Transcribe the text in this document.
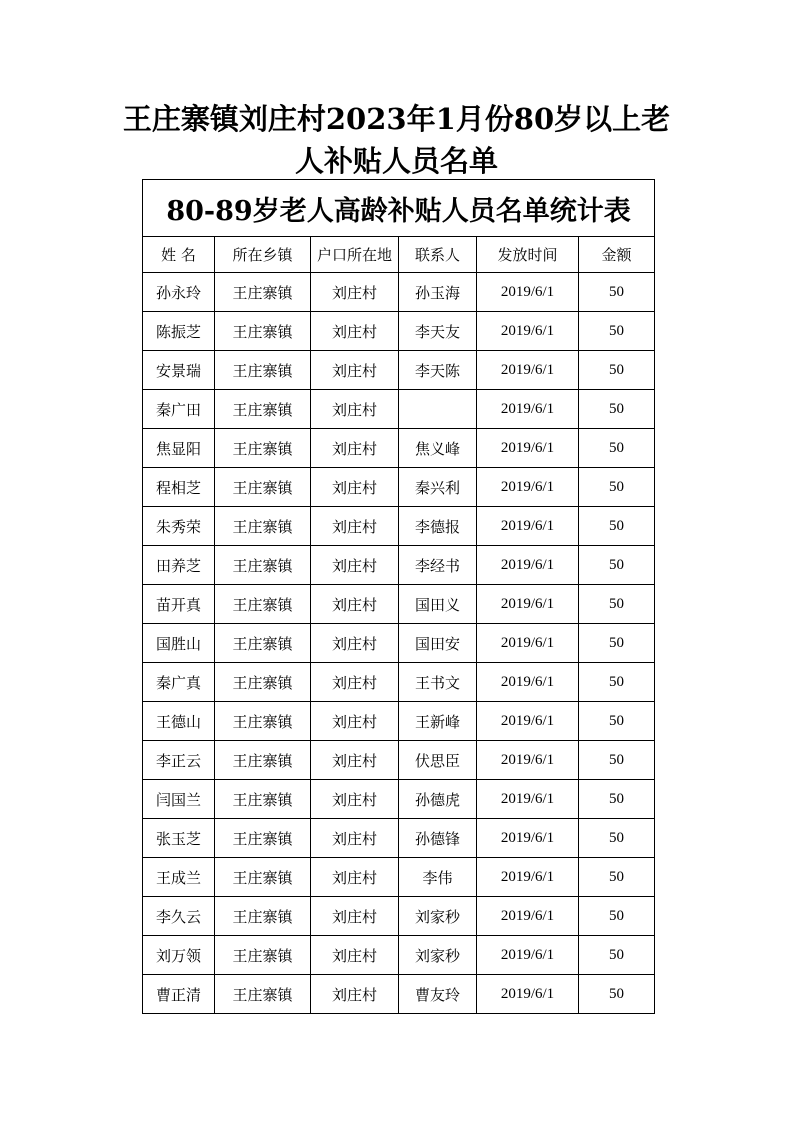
王庄寨镇刘庄村2023年1月份80岁以上老
人补贴人员名单
80-89岁老人高龄补贴人员名单统计表					
姓 名	所在乡镇	户口所在地	联系人	发放时间	金额
孙永玲	王庄寨镇	刘庄村	孙玉海	2019/6/1	50
陈振芝	王庄寨镇	刘庄村	李天友	2019/6/1	50
安景瑞	王庄寨镇	刘庄村	李天陈	2019/6/1	50
秦广田	王庄寨镇	刘庄村		2019/6/1	50
焦显阳	王庄寨镇	刘庄村	焦义峰	2019/6/1	50
程相芝	王庄寨镇	刘庄村	秦兴利	2019/6/1	50
朱秀荣	王庄寨镇	刘庄村	李德报	2019/6/1	50
田养芝	王庄寨镇	刘庄村	李经书	2019/6/1	50
苗开真	王庄寨镇	刘庄村	国田义	2019/6/1	50
国胜山	王庄寨镇	刘庄村	国田安	2019/6/1	50
秦广真	王庄寨镇	刘庄村	王书文	2019/6/1	50
王德山	王庄寨镇	刘庄村	王新峰	2019/6/1	50
李正云	王庄寨镇	刘庄村	伏思臣	2019/6/1	50
闫国兰	王庄寨镇	刘庄村	孙德虎	2019/6/1	50
张玉芝	王庄寨镇	刘庄村	孙德锋	2019/6/1	50
王成兰	王庄寨镇	刘庄村	李伟	2019/6/1	50
李久云	王庄寨镇	刘庄村	刘家秒	2019/6/1	50
刘万领	王庄寨镇	刘庄村	刘家秒	2019/6/1	50
曹正清	王庄寨镇	刘庄村	曹友玲	2019/6/1	50
